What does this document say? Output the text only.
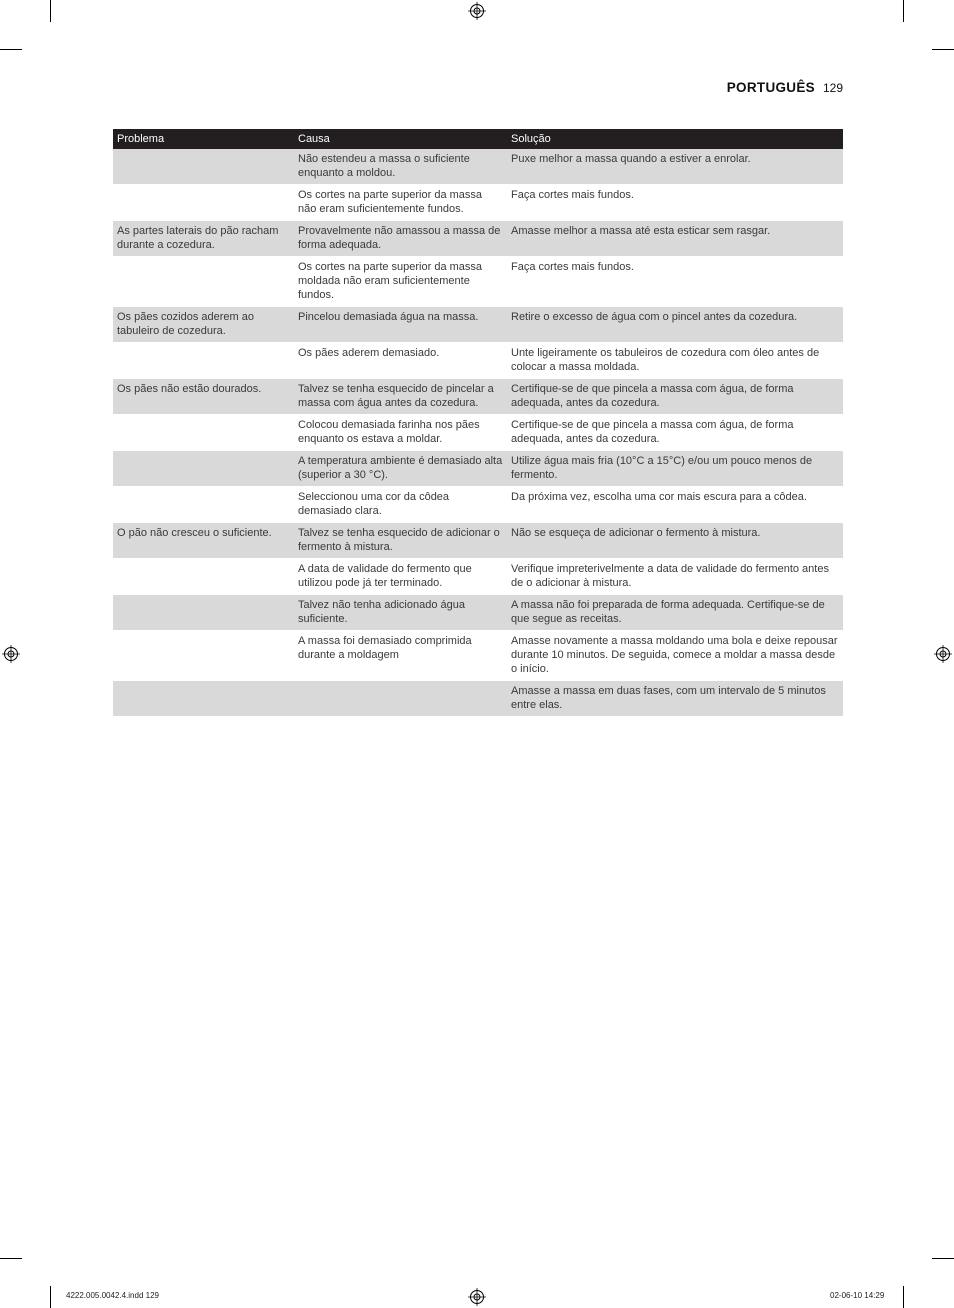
PORTUGUÊS 129
Problema	Causa	Solução
	Não estendeu a massa o suficiente enquanto a moldou.	Puxe melhor a massa quando a estiver a enrolar.
	Os cortes na parte superior da massa não eram suficientemente fundos.	Faça cortes mais fundos.
As partes laterais do pão racham durante a cozedura.	Provavelmente não amassou a massa de forma adequada.	Amasse melhor a massa até esta esticar sem rasgar.
	Os cortes na parte superior da massa moldada não eram suficientemente fundos.	Faça cortes mais fundos.
Os pães cozidos aderem ao tabuleiro de cozedura.	Pincelou demasiada água na massa.	Retire o excesso de água com o pincel antes da cozedura.
	Os pães aderem demasiado.	Unte ligeiramente os tabuleiros de cozedura com óleo antes de colocar a massa moldada.
Os pães não estão dourados.	Talvez se tenha esquecido de pincelar a massa com água antes da cozedura.	Certifique-se de que pincela a massa com água, de forma adequada, antes da cozedura.
	Colocou demasiada farinha nos pães enquanto os estava a moldar.	Certifique-se de que pincela a massa com água, de forma adequada, antes da cozedura.
	A temperatura ambiente é demasiado alta (superior a 30 °C).	Utilize água mais fria (10°C a 15°C) e/ou um pouco menos de fermento.
	Seleccionou uma cor da côdea demasiado clara.	Da próxima vez, escolha uma cor mais escura para a côdea.
O pão não cresceu o suficiente.	Talvez se tenha esquecido de adicionar o fermento à mistura.	Não se esqueça de adicionar o fermento à mistura.
	A data de validade do fermento que utilizou pode já ter terminado.	Verifique impreterivelmente a data de validade do fermento antes de o adicionar à mistura.
	Talvez não tenha adicionado água suficiente.	A massa não foi preparada de forma adequada. Certifique-se de que segue as receitas.
	A massa foi demasiado comprimida durante a moldagem	Amasse novamente a massa moldando uma bola e deixe repousar durante 10 minutos. De seguida, comece a moldar a massa desde o início.
		Amasse a massa em duas fases, com um intervalo de 5 minutos entre elas.
4222.005.0042.4.indd 129	02-06-10 14:29
